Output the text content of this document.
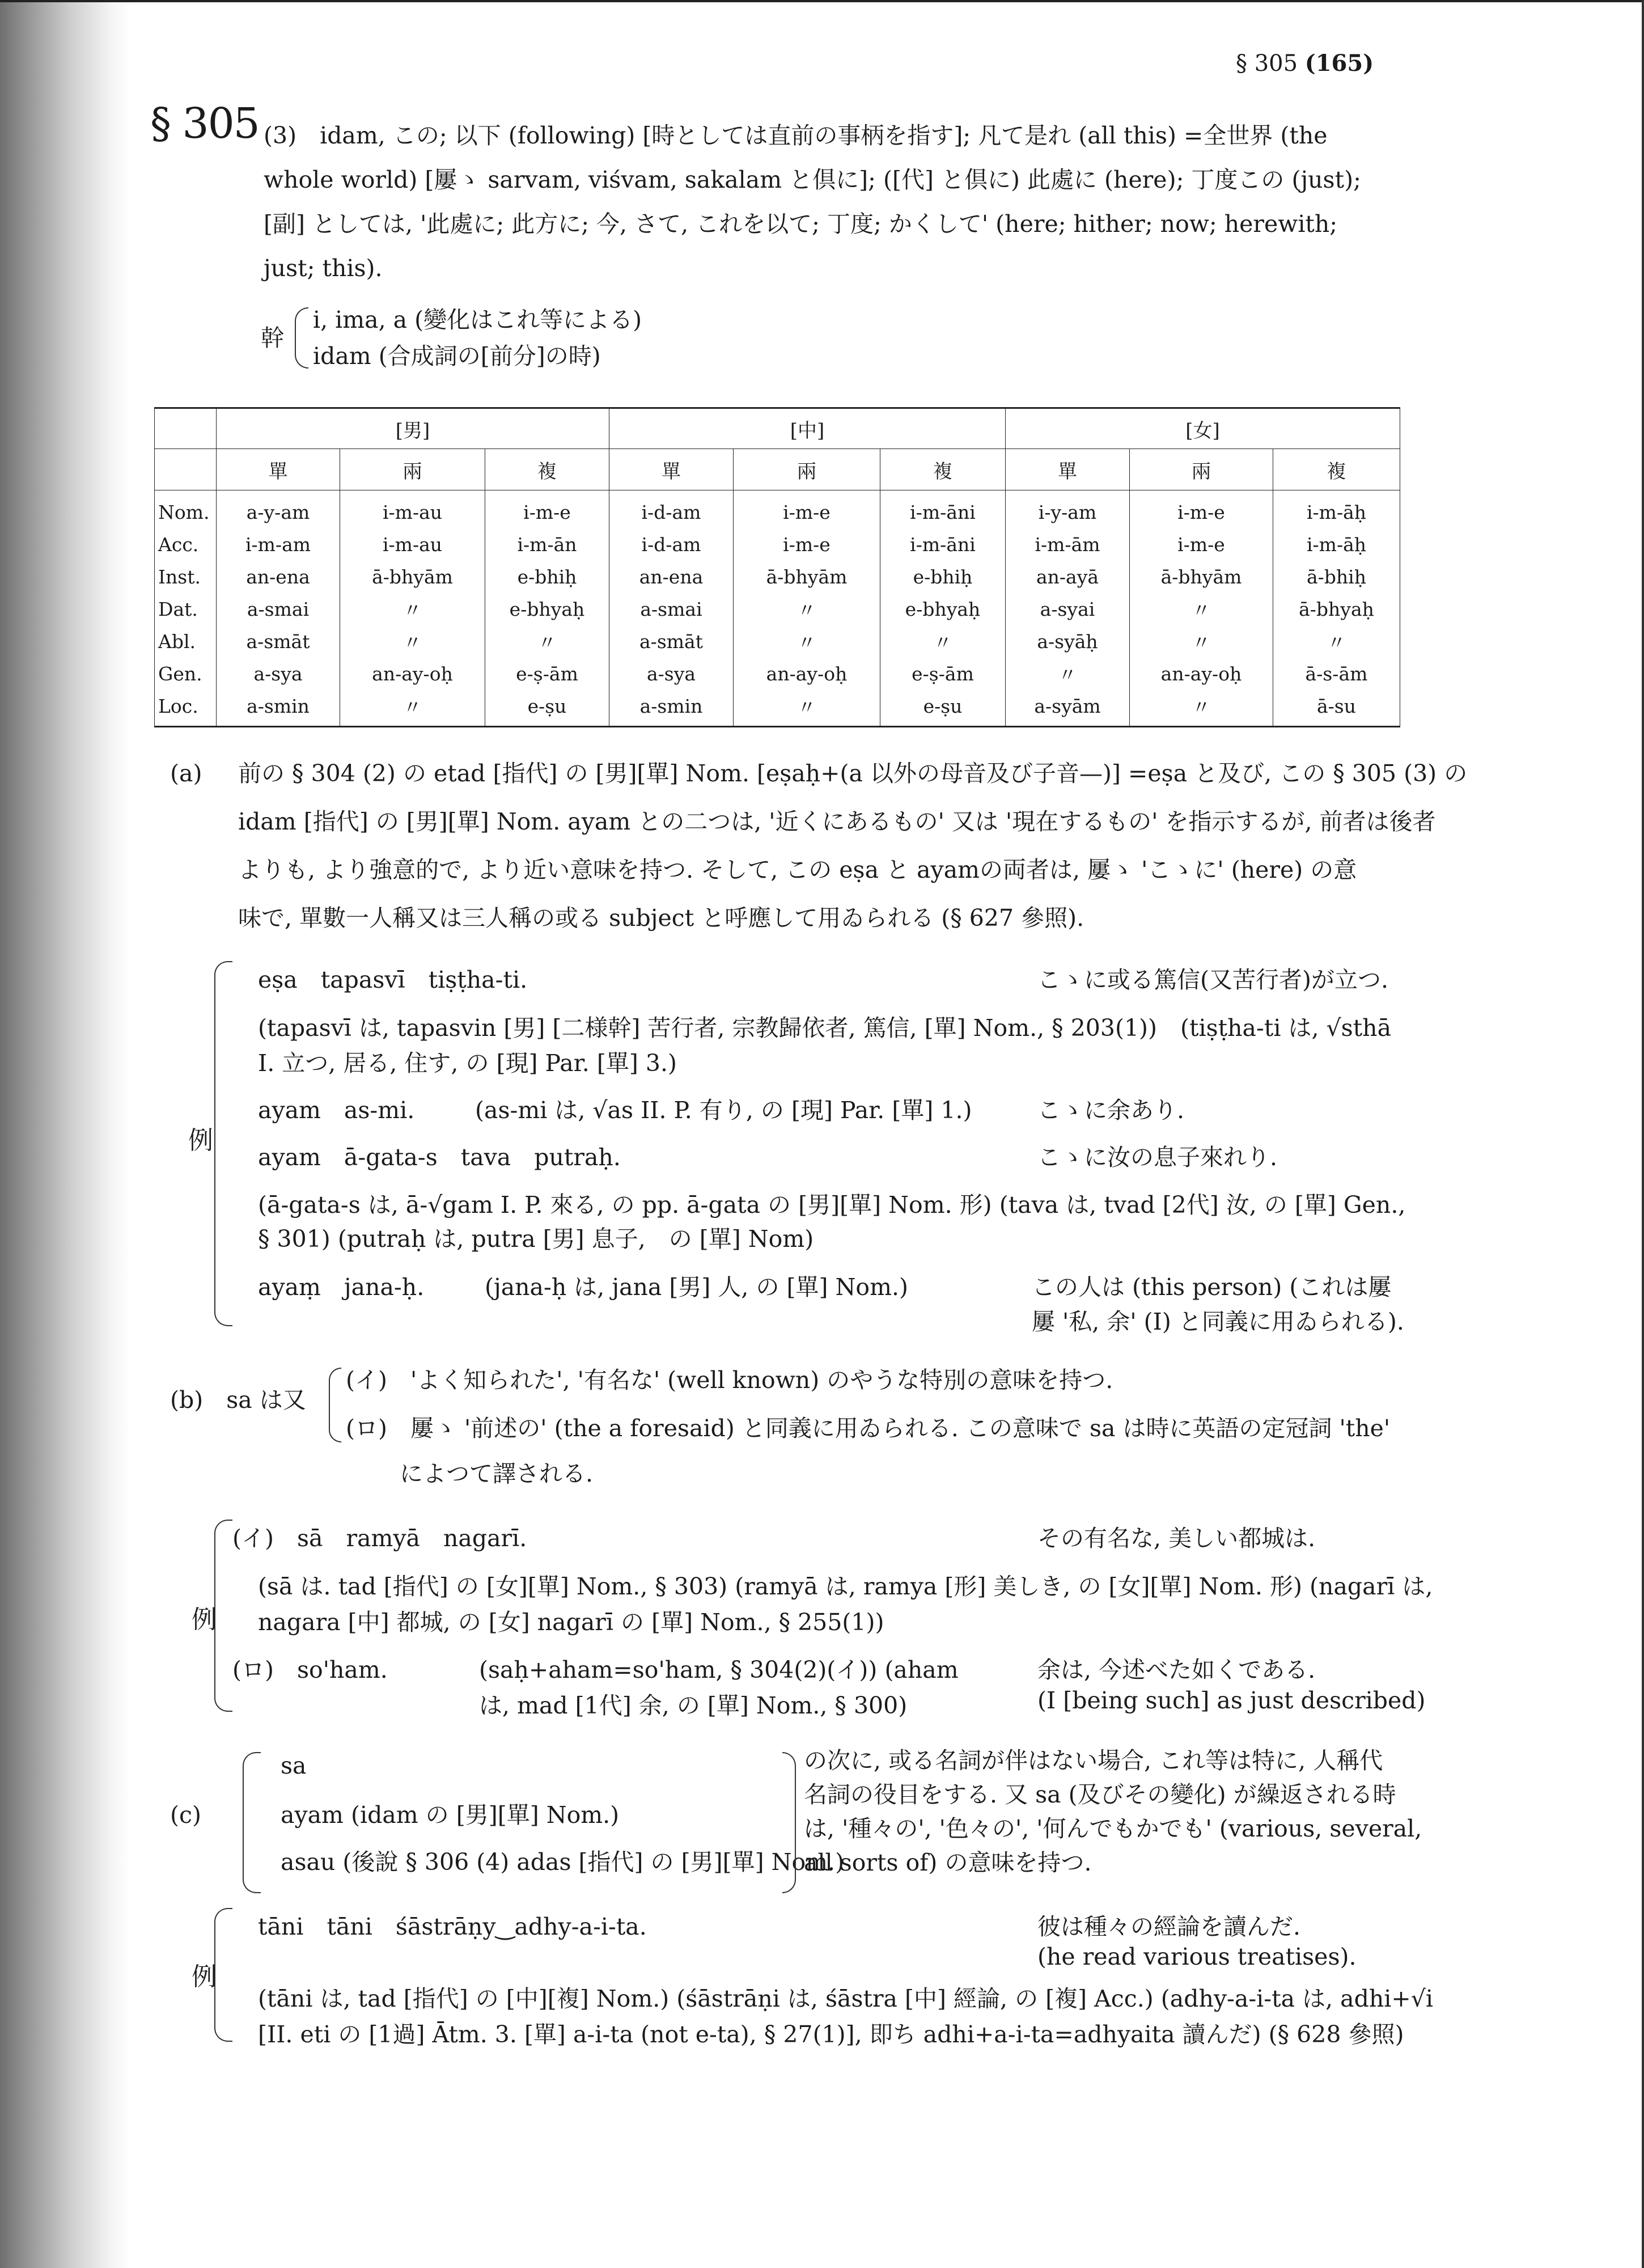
§ 305 (165)
§ 305 (3)　idam, この; 以下 (following) [時としては直前の事柄を指す]; 凡て是れ (all this) =全世界 (the
whole world) [屢ゝ sarvam, viśvam, sakalam と倶に]; ([代] と倶に) 此處に (here); 丁度この (just);
[副] としては, '此處に; 此方に; 今, さて, これを以て; 丁度; かくして' (here; hither; now; herewith;
just; this).
幹
i, ima, a (變化はこれ等による)
idam (合成詞の[前分]の時)
	[男]			[中]			[女]		
	單	兩	複	單	兩	複	單	兩	複
Nom.	a-y-am	i-m-au	i-m-e	i-d-am	i-m-e	i-m-āni	i-y-am	i-m-e	i-m-āḥ
Acc.	i-m-am	i-m-au	i-m-ān	i-d-am	i-m-e	i-m-āni	i-m-ām	i-m-e	i-m-āḥ
Inst.	an-ena	ā-bhyām	e-bhiḥ	an-ena	ā-bhyām	e-bhiḥ	an-ayā	ā-bhyām	ā-bhiḥ
Dat.	a-smai	〃	e-bhyaḥ	a-smai	〃	e-bhyaḥ	a-syai	〃	ā-bhyaḥ
Abl.	a-smāt	〃	〃	a-smāt	〃	〃	a-syāḥ	〃	〃
Gen.	a-sya	an-ay-oḥ	e-ṣ-ām	a-sya	an-ay-oḥ	e-ṣ-ām	〃	an-ay-oḥ	ā-s-ām
Loc.	a-smin	〃	e-ṣu	a-smin	〃	e-ṣu	a-syām	〃	ā-su
(a) 前の § 304 (2) の etad [指代] の [男][單] Nom. [eṣaḥ+(a 以外の母音及び子音—)] =eṣa と及び, この § 305 (3) の
idam [指代] の [男][單] Nom. ayam との二つは, '近くにあるもの' 又は '現在するもの' を指示するが, 前者は後者
よりも, より強意的で, より近い意味を持つ. そして, この eṣa と ayamの両者は, 屢ゝ 'こゝに' (here) の意
味で, 單數一人稱又は三人稱の或る subject と呼應して用ゐられる (§ 627 參照).
例
eṣa　tapasvī　tiṣṭha-ti.	こゝに或る篤信(又苦行者)が立つ.
(tapasvī は, tapasvin [男] [二様幹] 苦行者, 宗教歸依者, 篤信, [單] Nom., § 203(1))　(tiṣṭha-ti は, √sthā
I. 立つ, 居る, 住す, の [現] Par. [單] 3.)
ayam　as-mi.	(as-mi は, √as II. P. 有り, の [現] Par. [單] 1.)	こゝに余あり.
ayam　ā-gata-s　tava　putraḥ.	こゝに汝の息子來れり.
(ā-gata-s は, ā-√gam I. P. 來る, の pp. ā-gata の [男][單] Nom. 形) (tava は, tvad [2代] 汝, の [單] Gen.,
§ 301) (putraḥ は, putra [男] 息子,　の [單] Nom)
ayaṃ　jana-ḥ.	(jana-ḥ は, jana [男] 人, の [單] Nom.)	この人は (this person) (これは屢
屢 '私, 余' (I) と同義に用ゐられる).
(b)　sa は又
(イ)　'よく知られた', '有名な' (well known) のやうな特別の意味を持つ.
(ロ)　屢ゝ '前述の' (the a foresaid) と同義に用ゐられる. この意味で sa は時に英語の定冠詞 'the'
によつて譯される.
例
(イ)　sā　ramyā　nagarī.	その有名な, 美しい都城は.
(sā は. tad [指代] の [女][單] Nom., § 303) (ramyā は, ramya [形] 美しき, の [女][單] Nom. 形) (nagarī は,
nagara [中] 都城, の [女] nagarī の [單] Nom., § 255(1))
(ロ)　so'ham.	(saḥ+aham=so'ham, § 304(2)(イ)) (aham
は, mad [1代] 余, の [單] Nom., § 300)
余は, 今述べた如くである.
(I [being such] as just described)
(c)
sa
ayam (idam の [男][單] Nom.)
asau (後說 § 306 (4) adas [指代] の [男][單] Nom.)
の次に, 或る名詞が伴はない場合, これ等は特に, 人稱代
名詞の役目をする. 又 sa (及びその變化) が繰返される時
は, '種々の', '色々の', '何んでもかでも' (various, several,
all sorts of) の意味を持つ.
例
tāni　tāni　śāstrāṇy‿adhy-a-i-ta.	彼は種々の經論を讀んだ.
(he read various treatises).
(tāni は, tad [指代] の [中][複] Nom.) (śāstrāṇi は, śāstra [中] 經論, の [複] Acc.) (adhy-a-i-ta は, adhi+√i
[II. eti の [1過] Ātm. 3. [單] a-i-ta (not e-ta), § 27(1)], 即ち adhi+a-i-ta=adhyaita 讀んだ) (§ 628 參照)
